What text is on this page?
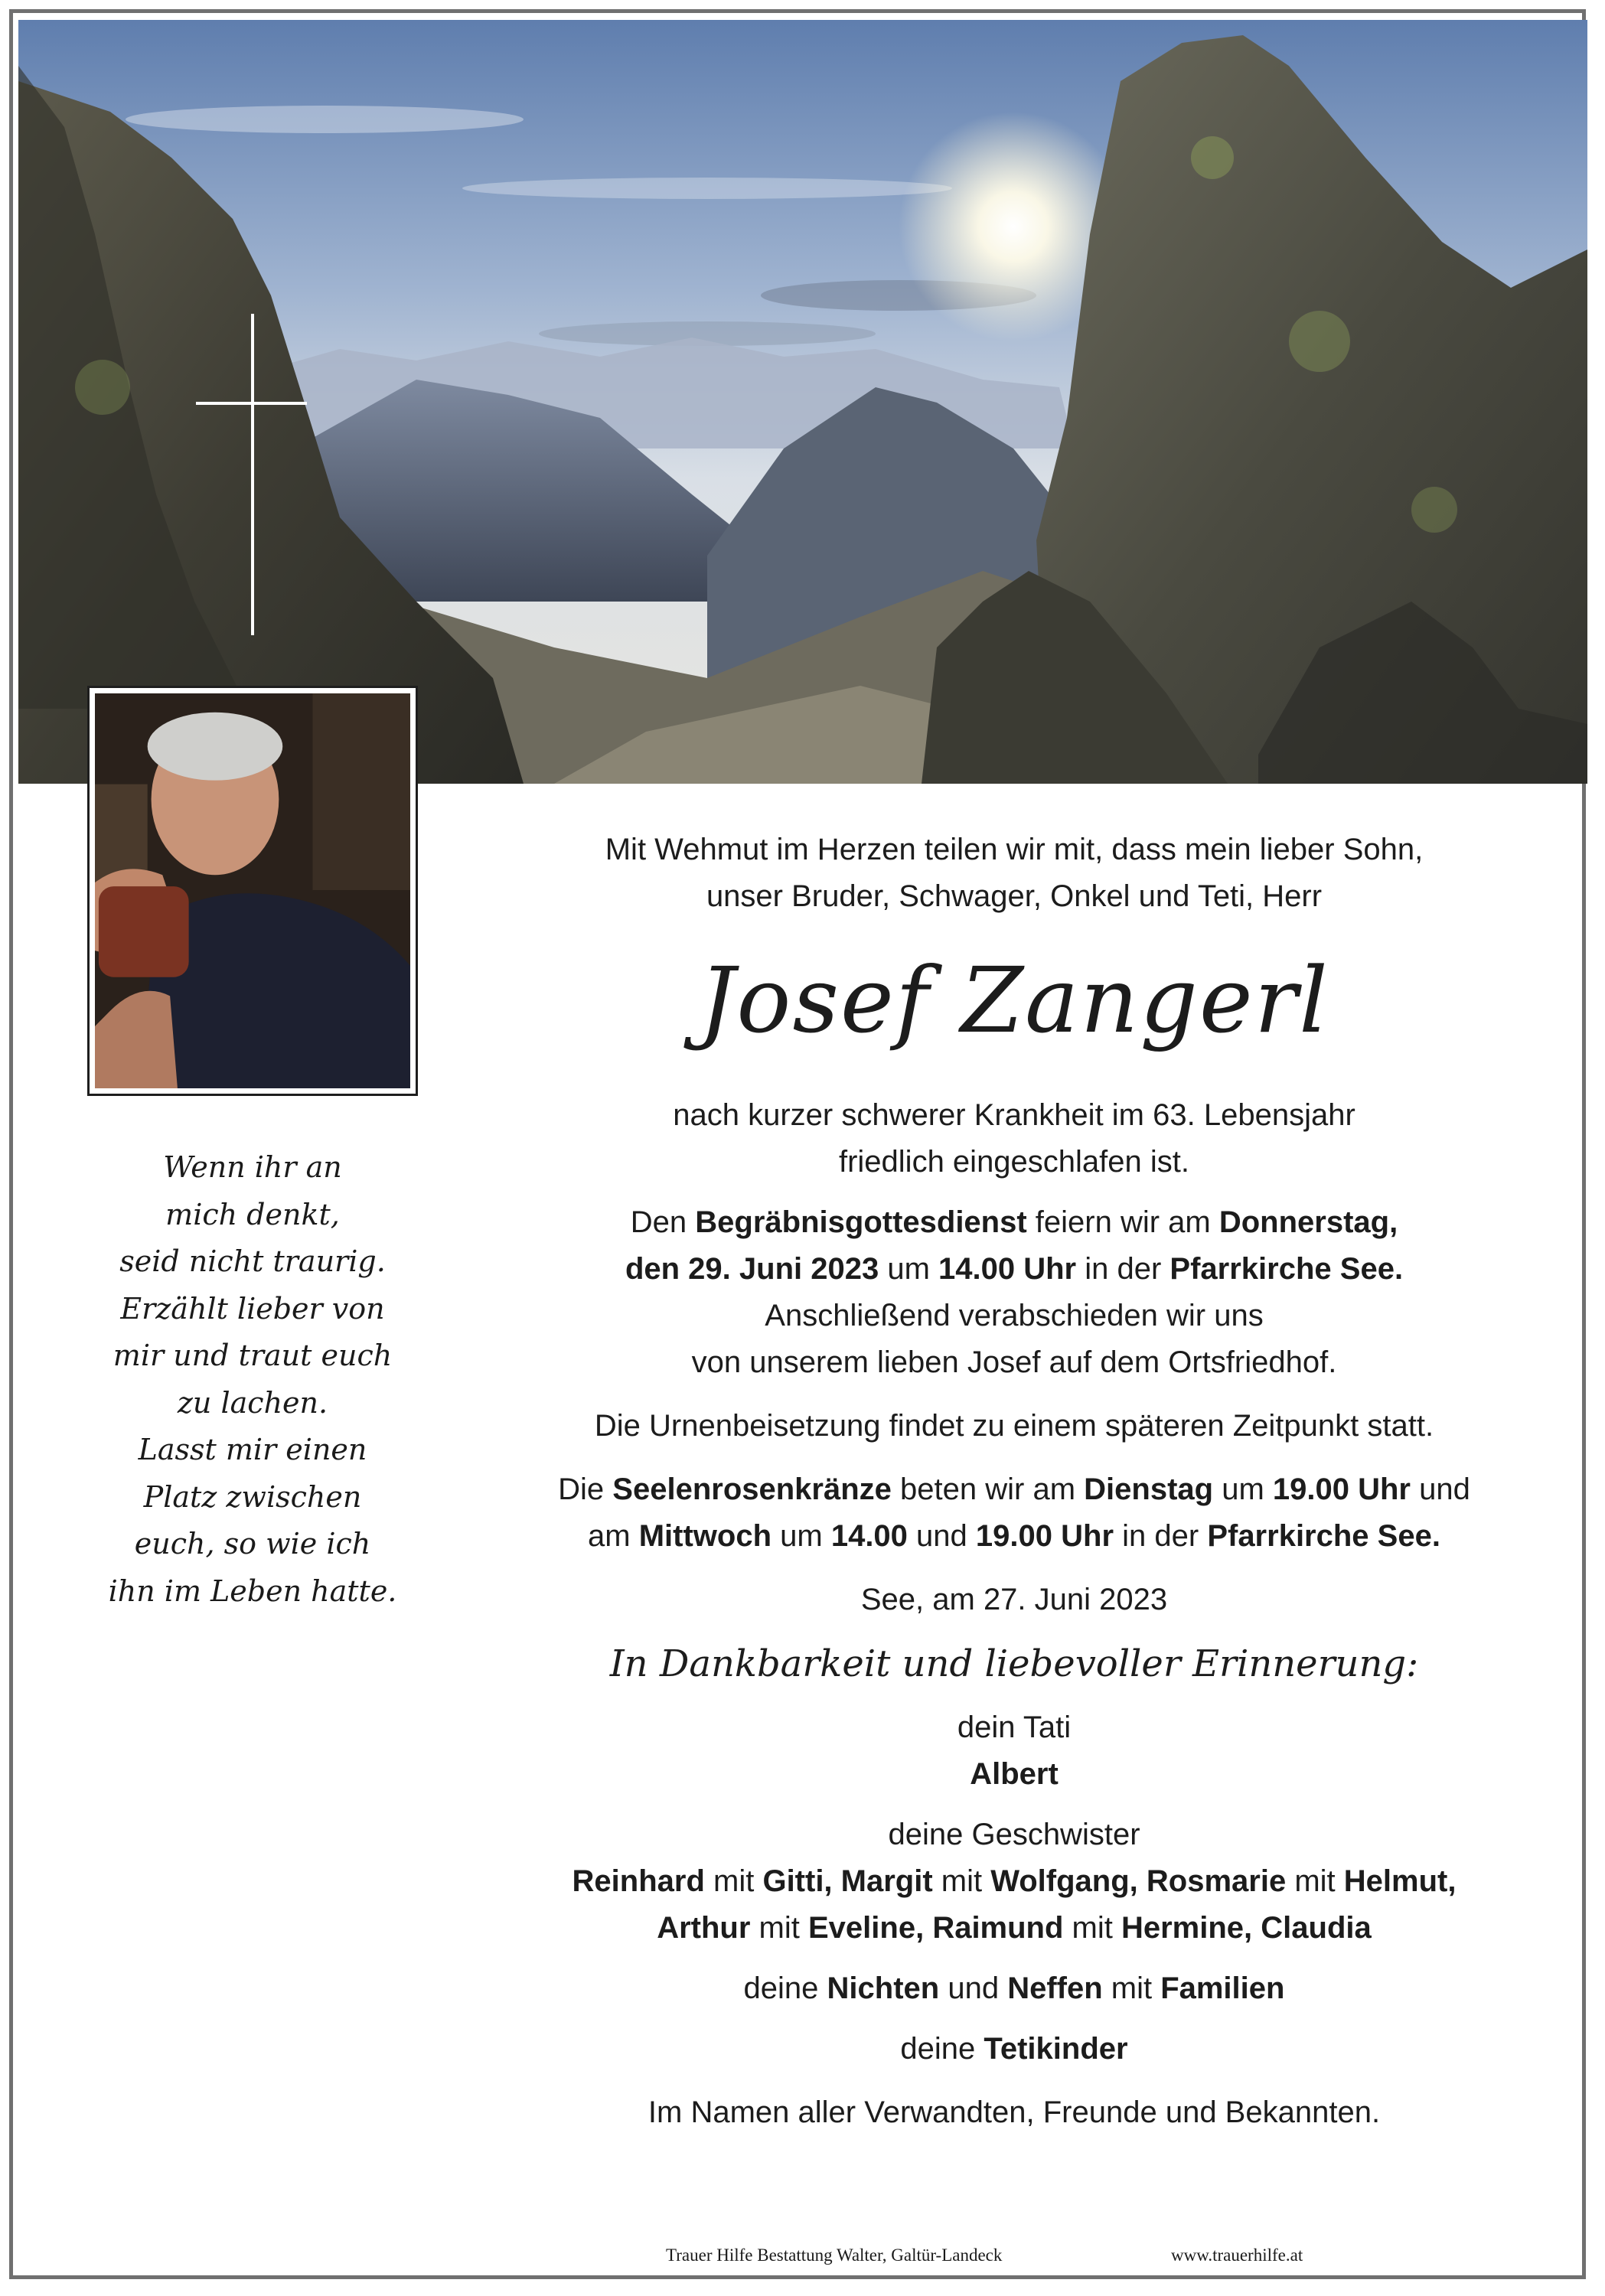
Wenn ihr an
mich denkt,
seid nicht traurig.
Erzählt lieber von
mir und traut euch
zu lachen.
Lasst mir einen
Platz zwischen
euch, so wie ich
ihn im Leben hatte.

Mit Wehmut im Herzen teilen wir mit, dass mein lieber Sohn,

unser Bruder, Schwager, Onkel und Teti, Herr

Josef Zangerl

nach kurzer schwerer Krankheit im 63. Lebensjahr

friedlich eingeschlafen ist.

Den Begräbnisgottesdienst feiern wir am Donnerstag,

den 29. Juni 2023 um 14.00 Uhr in der Pfarrkirche See.

Anschließend verabschieden wir uns

von unserem lieben Josef auf dem Ortsfriedhof.

Die Urnenbeisetzung findet zu einem späteren Zeitpunkt statt.

Die Seelenrosenkränze beten wir am Dienstag um 19.00 Uhr und

am Mittwoch um 14.00 und 19.00 Uhr in der Pfarrkirche See.

See, am 27. Juni 2023

In Dankbarkeit und liebevoller Erinnerung:

dein Tati

Albert

deine Geschwister

Reinhard mit Gitti, Margit mit Wolfgang, Rosmarie mit Helmut,

Arthur mit Eveline, Raimund mit Hermine, Claudia

deine Nichten und Neffen mit Familien

deine Tetikinder

Im Namen aller Verwandten, Freunde und Bekannten.

Trauer Hilfe Bestattung Walter, Galtür-Landeck	www.trauerhilfe.at
